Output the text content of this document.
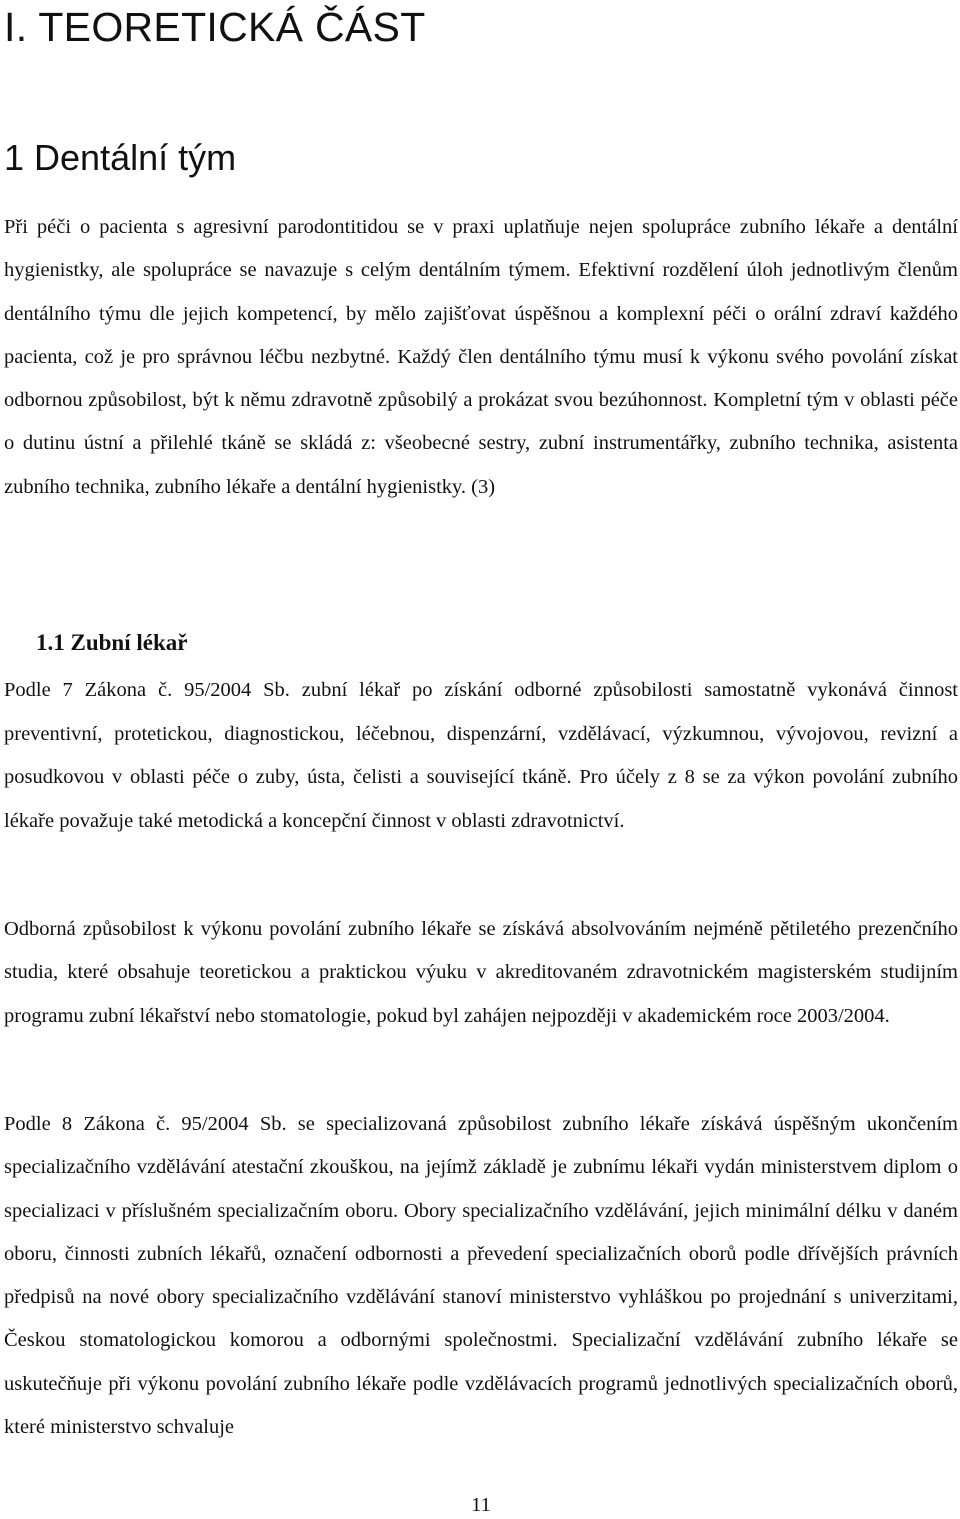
I. TEORETICKÁ ČÁST
1 Dentální tým

Při péči o pacienta s agresivní parodontitidou se v praxi uplatňuje nejen spolupráce zubního lékaře a dentální hygienistky, ale spolupráce se navazuje s celým dentálním týmem. Efektivní rozdělení úloh jednotlivým členům dentálního týmu dle jejich kompetencí, by mělo zajišťovat úspěšnou a komplexní péči o orální zdraví každého pacienta, což je pro správnou léčbu nezbytné. Každý člen dentálního týmu musí k výkonu svého povolání získat odbornou způsobilost, být k němu zdravotně způsobilý a prokázat svou bezúhonnost. Kompletní tým v oblasti péče o dutinu ústní a přilehlé tkáně se skládá z: všeobecné sestry, zubní instrumentářky, zubního technika, asistenta zubního technika, zubního lékaře a dentální hygienistky. (3)

1.1 Zubní lékař

Podle 7 Zákona č. 95/2004 Sb. zubní lékař po získání odborné způsobilosti samostatně vykonává činnost preventivní, protetickou, diagnostickou, léčebnou, dispenzární, vzdělávací, výzkumnou, vývojovou, revizní a posudkovou v oblasti péče o zuby, ústa, čelisti a související tkáně. Pro účely z 8 se za výkon povolání zubního lékaře považuje také metodická a koncepční činnost v oblasti zdravotnictví.

Odborná způsobilost k výkonu povolání zubního lékaře se získává absolvováním nejméně pětiletého prezenčního studia, které obsahuje teoretickou a praktickou výuku v akreditovaném zdravotnickém magisterském studijním programu zubní lékařství nebo stomatologie, pokud byl zahájen nejpozději v akademickém roce 2003/2004.

Podle 8 Zákona č. 95/2004 Sb. se specializovaná způsobilost zubního lékaře získává úspěšným ukončením specializačního vzdělávání atestační zkouškou, na jejímž základě je zubnímu lékaři vydán ministerstvem diplom o specializaci v příslušném specializačním oboru. Obory specializačního vzdělávání, jejich minimální délku v daném oboru, činnosti zubních lékařů, označení odbornosti a převedení specializačních oborů podle dřívějších právních předpisů na nové obory specializačního vzdělávání stanoví ministerstvo vyhláškou po projednání s univerzitami, Českou stomatologickou komorou a odbornými společnostmi. Specializační vzdělávání zubního lékaře se uskutečňuje při výkonu povolání zubního lékaře podle vzdělávacích programů jednotlivých specializačních oborů, které ministerstvo schvaluje

11
